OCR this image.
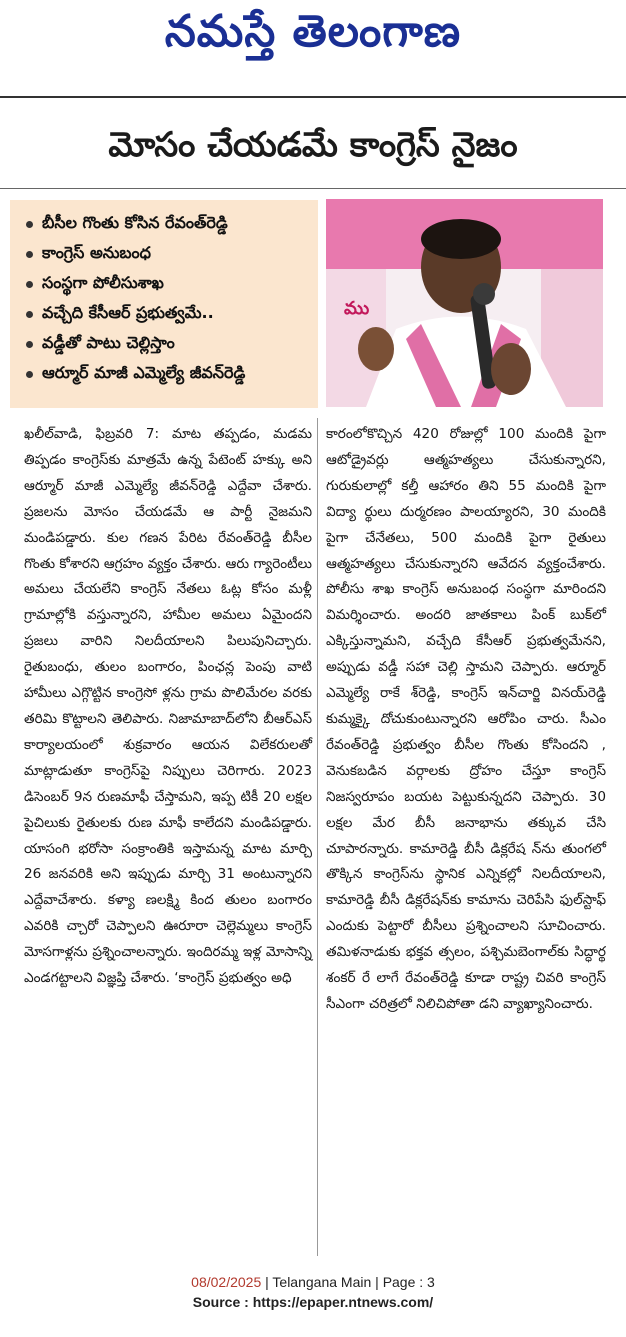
నమస్తే తెలంగాణ
మోసం చేయడమే కాంగ్రెస్ నైజం
బీసీల గొంతు కోసిన రేవంత్‌రెడ్డి
కాంగ్రెస్ అనుబంధ
సంస్థగా పోలీసుశాఖ
వచ్చేది కేసీఆర్ ప్రభుత్వమే..
వడ్డీతో పాటు చెల్లిస్తాం
ఆర్మూర్ మాజీ ఎమ్మెల్యే జీవన్‌రెడ్డి
ము

ఖలీల్‌వాడి, ఫిబ్రవరి 7: మాట తప్పడం, మడమ తిప్పడం కాంగ్రెస్‌కు మాత్రమే ఉన్న పేటెంట్ హక్కు అని ఆర్మూర్ మాజీ ఎమ్మెల్యే జీవన్‌రెడ్డి ఎద్దేవా చేశారు. ప్రజలను మోసం చేయడమే ఆ పార్టీ నైజమని మండిపడ్డారు. కుల గణన పేరిట రేవంత్‌రెడ్డి బీసీల గొంతు కోశారని ఆగ్రహం వ్యక్తం చేశారు. ఆరు గ్యారెంటీలు అమలు చేయలేని కాంగ్రెస్ నేతలు ఓట్ల కోసం మళ్లీ గ్రామాల్లోకి వస్తున్నారని, హామీల అమలు ఏమైందని ప్రజలు వారిని నిలదీయాలని పిలుపునిచ్చారు. రైతుబంధు, తులం బంగారం, పింఛన్ల పెంపు వాటి హామీలు ఎగ్గొట్టిన కాంగ్రెసో ళ్లను గ్రామ పొలిమేరల వరకు తరిమి కొట్టాలని తెలిపారు. నిజామాబాద్‌లోని బీఆర్‌ఎస్ కార్యాలయంలో శుక్రవారం ఆయన విలేకరులతో మాట్లాడుతూ కాంగ్రెస్‌పై నిప్పులు చెరిగారు. 2023 డిసెంబర్ 9న రుణమాఫీ చేస్తామని, ఇప్ప టికీ 20 లక్షల పైచిలుకు రైతులకు రుణ మాఫీ కాలేదని మండిపడ్డారు. యాసంగి భరోసా సంక్రాంతికి ఇస్తామన్న మాట మార్చి 26 జనవరికి అని ఇప్పుడు మార్చి 31 అంటున్నారని ఎద్దేవాచేశారు. కళ్యా ణలక్ష్మి కింద తులం బంగారం ఎవరికి చ్చారో చెప్పాలని ఊరూరా చెల్లెమ్మలు కాంగ్రెస్ మోసగాళ్లను ప్రశ్నించాలన్నారు. ఇందిరమ్మ ఇళ్ల మోసాన్ని ఎండగట్టాలని విజ్ఞప్తి చేశారు. ‘కాంగ్రెస్ ప్రభుత్వం అధి

కారంలోకొచ్చిన 420 రోజుల్లో 100 మందికి పైగా ఆటోడ్రైవర్లు ఆత్మహత్యలు చేసుకున్నారని, గురుకులాల్లో కల్తీ ఆహారం తిని 55 మందికి పైగా విద్యా ర్థులు దుర్మరణం పాలయ్యారని, 30 మందికి పైగా చేనేతలు, 500 మందికి పైగా రైతులు ఆత్మహత్యలు చేసుకున్నారని ఆవేదన వ్యక్తంచేశారు. పోలీసు శాఖ కాంగ్రెస్ అనుబంధ సంస్థగా మారిందని విమర్శించారు. అందరి జాతకాలు పింక్ బుక్‌లో ఎక్కిస్తున్నామని, వచ్చేది కేసీఆర్ ప్రభుత్వమేనని, అప్పుడు వడ్డీ సహా చెల్లి స్తామని చెప్పారు. ఆర్మూర్ ఎమ్మెల్యే రాకే శ్‌రెడ్డి, కాంగ్రెస్ ఇన్‌చార్జి వినయ్‌రెడ్డి కుమ్మక్కై దోచుకుంటున్నారని ఆరోపిం చారు. సీఎం రేవంత్‌రెడ్డి ప్రభుత్వం బీసీల గొంతు కోసిందని , వెనుకబడిన వర్గాలకు ద్రోహం చేస్తూ కాంగ్రెస్ నిజస్వరూపం బయట పెట్టుకున్నదని చెప్పారు. 30 లక్షల మేర బీసీ జనాభాను తక్కువ చేసి చూపారన్నారు. కామారెడ్డి బీసీ డిక్లరేష న్‌ను తుంగలో తొక్కిన కాంగ్రెస్‌ను స్థానిక ఎన్నికల్లో నిలదీయాలని, కామారెడ్డి బీసీ డిక్లరేషన్‌కు కామాను చెరిపేసి ఫుల్‌స్టాఫ్ ఎందుకు పెట్టారో బీసీలు ప్రశ్నించాలని సూచించారు. తమిళనాడుకు భక్తవ త్సలం, పశ్చిమబెంగాల్‌కు సిద్ధార్థ శంకర్ రే లాగే రేవంత్‌రెడ్డి కూడా రాష్ట్ర చివరి కాంగ్రెస్ సీఎంగా చరిత్రలో నిలిచిపోతా డని వ్యాఖ్యానించారు.

08/02/2025 | Telangana Main | Page : 3
Source : https://epaper.ntnews.com/
